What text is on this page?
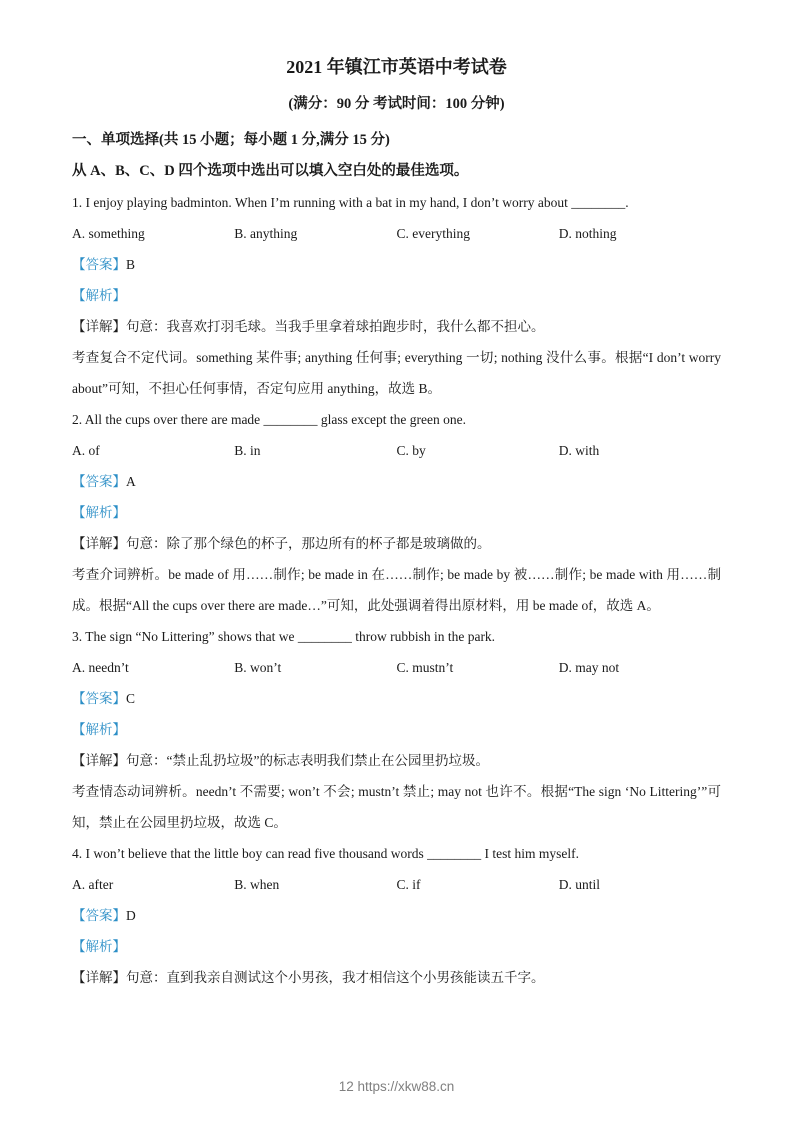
2021 年镇江市英语中考试卷

(满分：90 分 考试时间：100 分钟)

一、单项选择(共 15 小题；每小题 1 分,满分 15 分)

从 A、B、C、D 四个选项中选出可以填入空白处的最佳选项。

1. I enjoy playing badminton. When I’m running with a bat in my hand, I don’t worry about ________.

A. something	B. anything	C. everything	D. nothing

【答案】B

【解析】

【详解】句意：我喜欢打羽毛球。当我手里拿着球拍跑步时，我什么都不担心。

考查复合不定代词。something 某件事; anything 任何事; everything 一切; nothing 没什么事。根据“I don’t worry about”可知，不担心任何事情，否定句应用 anything，故选 B。

2. All the cups over there are made ________ glass except the green one.

A. of	B. in	C. by	D. with

【答案】A

【解析】

【详解】句意：除了那个绿色的杯子，那边所有的杯子都是玻璃做的。

考查介词辨析。be made of 用……制作; be made in 在……制作; be made by 被……制作; be made with 用……制成。根据“All the cups over there are made…”可知，此处强调着得出原材料，用 be made of，故选 A。

3. The sign “No Littering” shows that we ________ throw rubbish in the park.

A. needn’t	B. won’t	C. mustn’t	D. may not

【答案】C

【解析】

【详解】句意：“禁止乱扔垃圾”的标志表明我们禁止在公园里扔垃圾。

考查情态动词辨析。needn’t 不需要; won’t 不会; mustn’t 禁止; may not 也许不。根据“The sign ‘No Littering’”可知，禁止在公园里扔垃圾，故选 C。

4. I won’t believe that the little boy can read five thousand words ________ I test him myself.

A. after	B. when	C. if	D. until

【答案】D

【解析】

【详解】句意：直到我亲自测试这个小男孩，我才相信这个小男孩能读五千字。

12 https://xkw88.cn
